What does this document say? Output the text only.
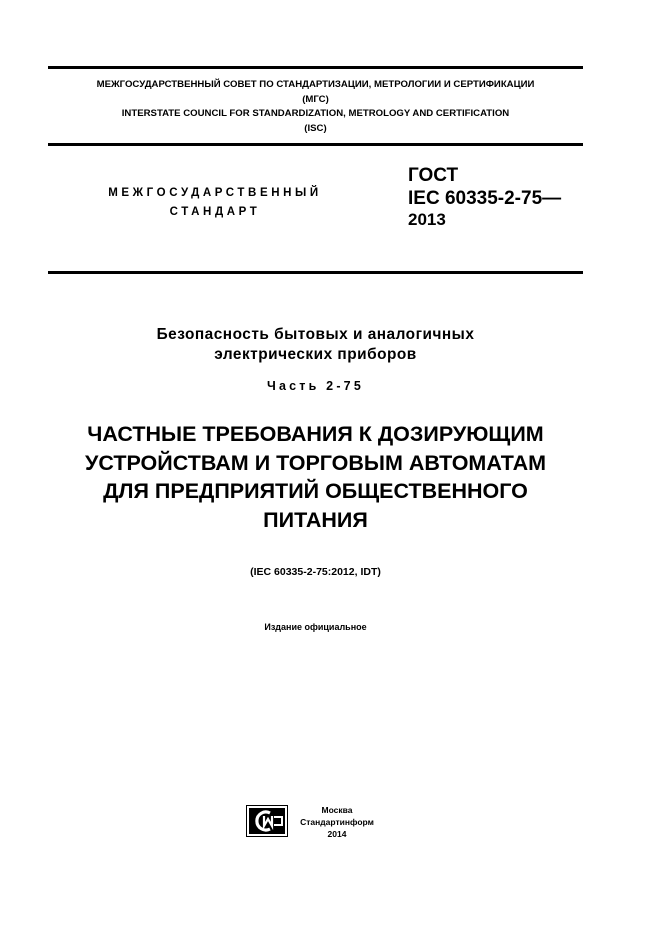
МЕЖГОСУДАРСТВЕННЫЙ СОВЕТ ПО СТАНДАРТИЗАЦИИ, МЕТРОЛОГИИ И СЕРТИФИКАЦИИ
(МГС)
INTERSTATE COUNCIL FOR STANDARDIZATION, METROLOGY AND CERTIFICATION
(ISC)
МЕЖГОСУДАРСТВЕННЫЙ
СТАНДАРТ
ГОСТ
IEC 60335-2-75—
2013
Безопасность бытовых и аналогичных
электрических приборов
Часть 2-75
ЧАСТНЫЕ ТРЕБОВАНИЯ К ДОЗИРУЮЩИМ
УСТРОЙСТВАМ И ТОРГОВЫМ АВТОМАТАМ
ДЛЯ ПРЕДПРИЯТИЙ ОБЩЕСТВЕННОГО
ПИТАНИЯ
(IEC 60335-2-75:2012, IDT)
Издание официальное
Москва
Стандартинформ
2014
